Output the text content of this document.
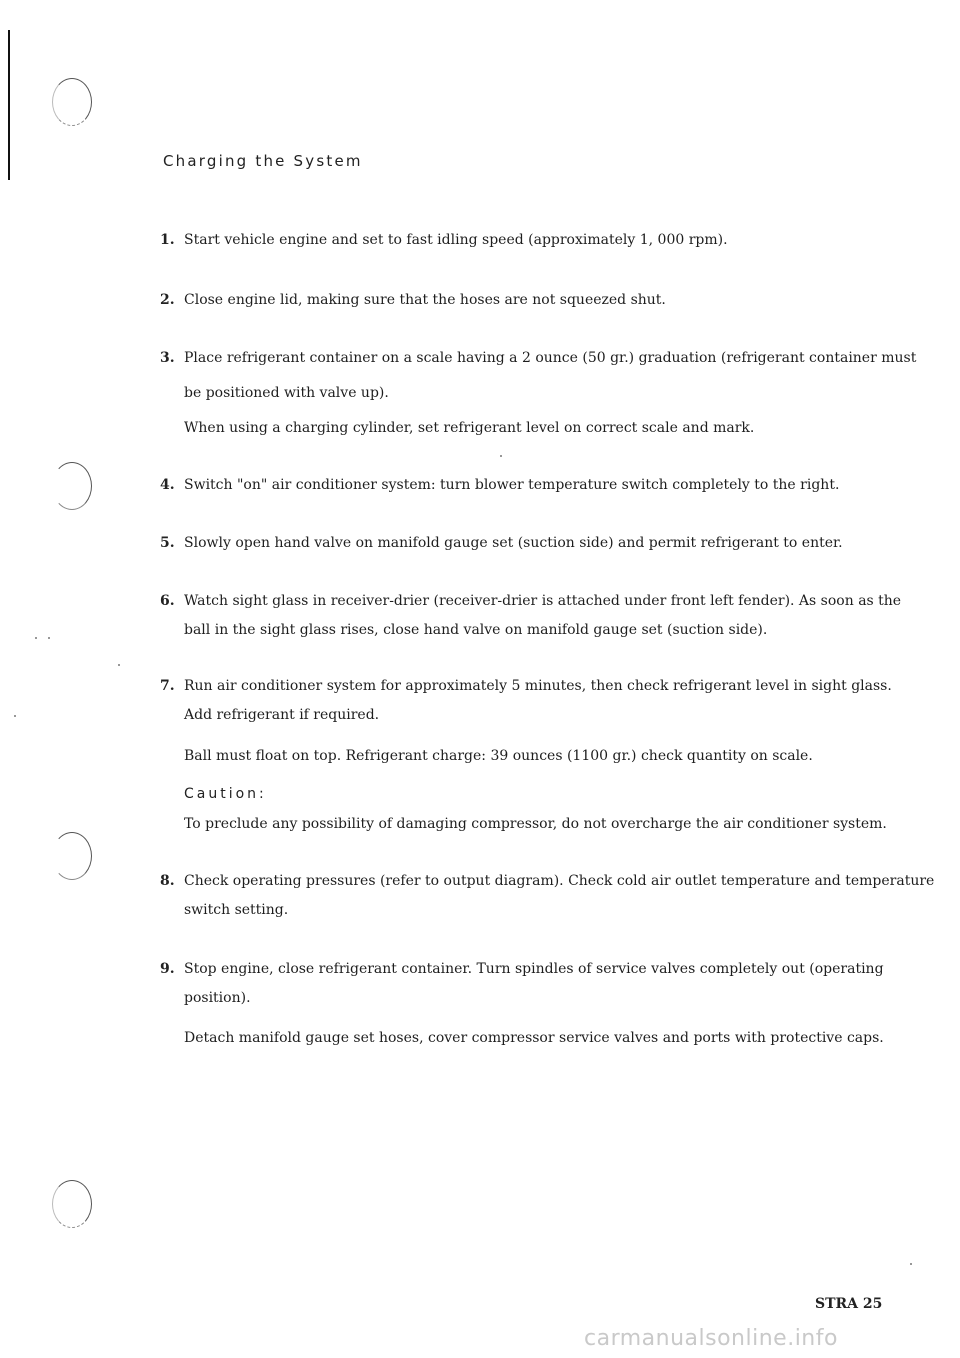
Charging the System
1. Start vehicle engine and set to fast idling speed (approximately 1, 000 rpm).
2. Close engine lid, making sure that the hoses are not squeezed shut.
3. Place refrigerant container on a scale having a 2 ounce (50 gr.) graduation (refrigerant container must
be positioned with valve up).
When using a charging cylinder, set refrigerant level on correct scale and mark.
4. Switch "on" air conditioner system: turn blower temperature switch completely to the right.
5. Slowly open hand valve on manifold gauge set (suction side) and permit refrigerant to enter.
6. Watch sight glass in receiver-drier (receiver-drier is attached under front left fender). As soon as the
ball in the sight glass rises, close hand valve on manifold gauge set (suction side).
7. Run air conditioner system for approximately 5 minutes, then check refrigerant level in sight glass.
Add refrigerant if required.
Ball must float on top. Refrigerant charge: 39 ounces (1100 gr.) check quantity on scale.
Caution:
To preclude any possibility of damaging compressor, do not overcharge the air conditioner system.
8. Check operating pressures (refer to output diagram). Check cold air outlet temperature and temperature
switch setting.
9. Stop engine, close refrigerant container. Turn spindles of service valves completely out (operating
position).
Detach manifold gauge set hoses, cover compressor service valves and ports with protective caps.
STRA 25
carmanualsonline.info
